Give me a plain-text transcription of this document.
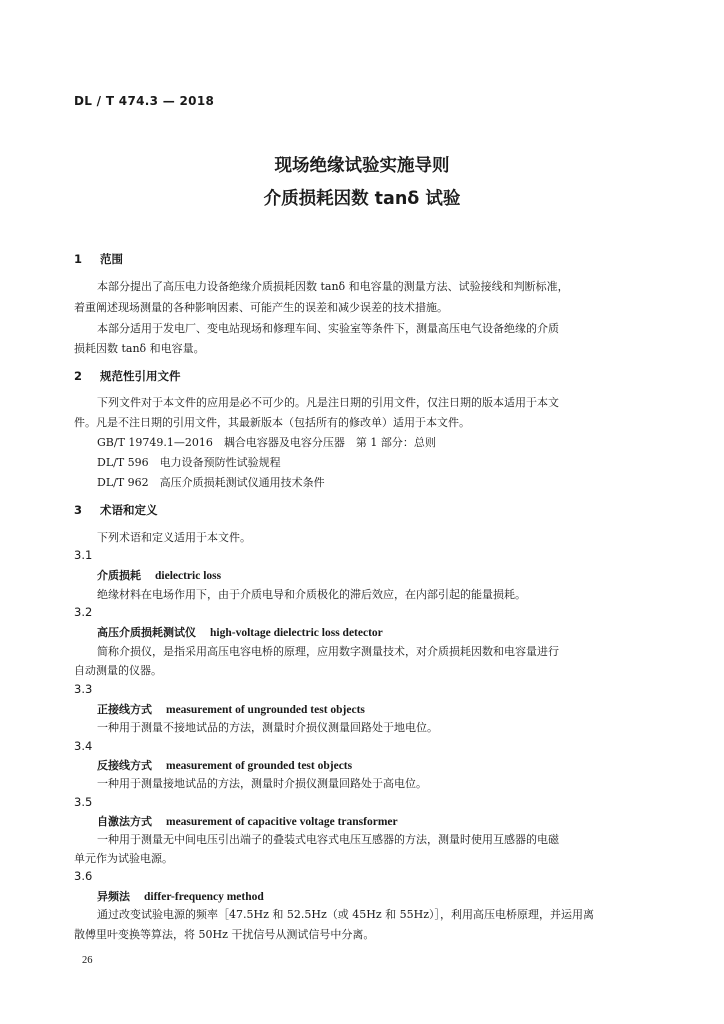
DL / T 474.3 — 2018
现场绝缘试验实施导则
介质损耗因数 tanδ 试验
1 范围
本部分提出了高压电力设备绝缘介质损耗因数 tanδ 和电容量的测量方法、试验接线和判断标准，
着重阐述现场测量的各种影响因素、可能产生的误差和减少误差的技术措施。
本部分适用于发电厂、变电站现场和修理车间、实验室等条件下，测量高压电气设备绝缘的介质
损耗因数 tanδ 和电容量。
2 规范性引用文件
下列文件对于本文件的应用是必不可少的。凡是注日期的引用文件，仅注日期的版本适用于本文
件。凡是不注日期的引用文件，其最新版本（包括所有的修改单）适用于本文件。
GB/T 19749.1—2016　耦合电容器及电容分压器　第 1 部分：总则
DL/T 596　电力设备预防性试验规程
DL/T 962　高压介质损耗测试仪通用技术条件
3 术语和定义
下列术语和定义适用于本文件。
3.1
介质损耗 dielectric loss
绝缘材料在电场作用下，由于介质电导和介质极化的滞后效应，在内部引起的能量损耗。
3.2
高压介质损耗测试仪 high-voltage dielectric loss detector
简称介损仪，是指采用高压电容电桥的原理，应用数字测量技术，对介质损耗因数和电容量进行
自动测量的仪器。
3.3
正接线方式 measurement of ungrounded test objects
一种用于测量不接地试品的方法，测量时介损仪测量回路处于地电位。
3.4
反接线方式 measurement of grounded test objects
一种用于测量接地试品的方法，测量时介损仪测量回路处于高电位。
3.5
自激法方式 measurement of capacitive voltage transformer
一种用于测量无中间电压引出端子的叠装式电容式电压互感器的方法，测量时使用互感器的电磁
单元作为试验电源。
3.6
异频法 differ-frequency method
通过改变试验电源的频率［47.5Hz 和 52.5Hz（或 45Hz 和 55Hz）］，利用高压电桥原理，并运用离
散傅里叶变换等算法，将 50Hz 干扰信号从测试信号中分离。
26
